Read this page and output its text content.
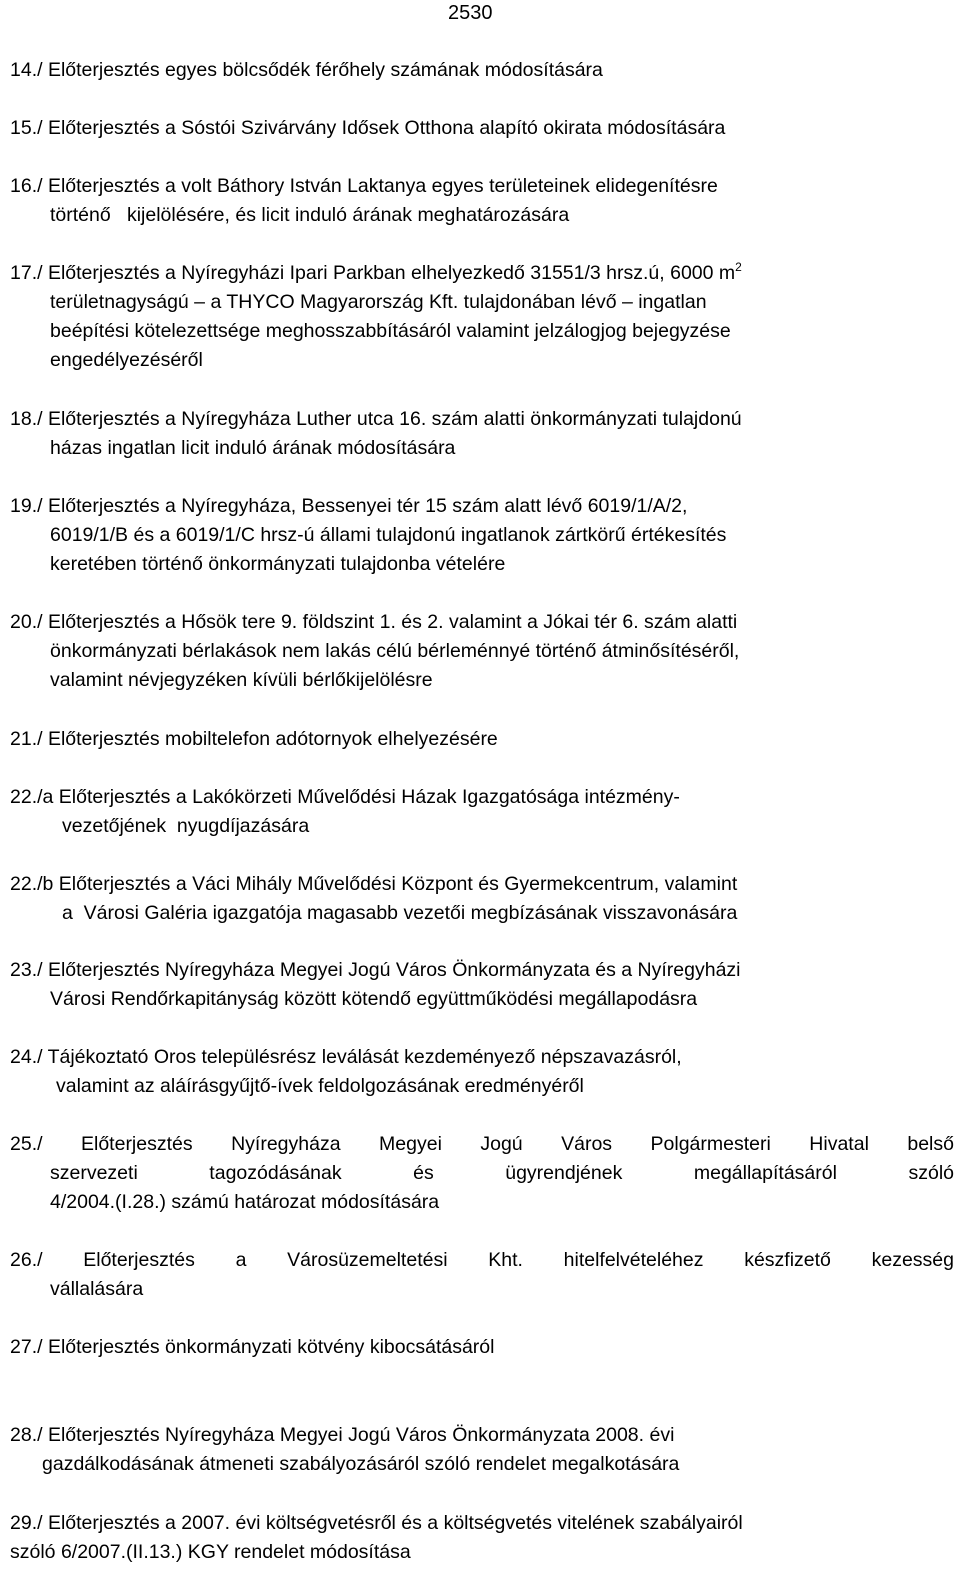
2530
14./ Előterjesztés egyes bölcsődék férőhely számának módosítására
15./ Előterjesztés a Sóstói Szivárvány Idősek Otthona alapító okirata módosítására
16./ Előterjesztés a volt Báthory István Laktanya egyes területeinek elidegenítésre
történő   kijelölésére, és licit induló árának meghatározására
17./ Előterjesztés a Nyíregyházi Ipari Parkban elhelyezkedő 31551/3 hrsz.ú, 6000 $m^2$
területnagyságú – a THYCO Magyarország Kft. tulajdonában lévő – ingatlan
beépítési kötelezettsége meghosszabbításáról valamint jelzálogjog bejegyzése
engedélyezéséről
18./ Előterjesztés a Nyíregyháza Luther utca 16. szám alatti önkormányzati tulajdonú
házas ingatlan licit induló árának módosítására
19./ Előterjesztés a Nyíregyháza, Bessenyei tér 15 szám alatt lévő 6019/1/A/2,
6019/1/B és a 6019/1/C hrsz-ú állami tulajdonú ingatlanok zártkörű értékesítés
keretében történő önkormányzati tulajdonba vételére
20./ Előterjesztés a Hősök tere 9. földszint 1. és 2. valamint a Jókai tér 6. szám alatti
önkormányzati bérlakások nem lakás célú bérleménnyé történő átminősítéséről,
valamint névjegyzéken kívüli bérlőkijelölésre
21./ Előterjesztés mobiltelefon adótornyok elhelyezésére
22./a Előterjesztés a Lakókörzeti Művelődési Házak Igazgatósága intézmény-
vezetőjének  nyugdíjazására
22./b Előterjesztés a Váci Mihály Művelődési Központ és Gyermekcentrum, valamint
a  Városi Galéria igazgatója magasabb vezetői megbízásának visszavonására
23./ Előterjesztés Nyíregyháza Megyei Jogú Város Önkormányzata és a Nyíregyházi
Városi Rendőrkapitányság között kötendő együttműködési megállapodásra
24./ Tájékoztató Oros településrész leválását kezdeményező népszavazásról,
valamint az aláírásgyűjtő-ívek feldolgozásának eredményéről
25./ Előterjesztés Nyíregyháza Megyei Jogú Város Polgármesteri Hivatal belső
szervezeti tagozódásának és ügyrendjének megállapításáról szóló
4/2004.(I.28.) számú határozat módosítására
26./ Előterjesztés a Városüzemeltetési Kht. hitelfelvételéhez készfizető kezesség
vállalására
27./ Előterjesztés önkormányzati kötvény kibocsátásáról
28./ Előterjesztés Nyíregyháza Megyei Jogú Város Önkormányzata 2008. évi
gazdálkodásának átmeneti szabályozásáról szóló rendelet megalkotására
29./ Előterjesztés a 2007. évi költségvetésről és a költségvetés vitelének szabályairól
szóló 6/2007.(II.13.) KGY rendelet módosítása
